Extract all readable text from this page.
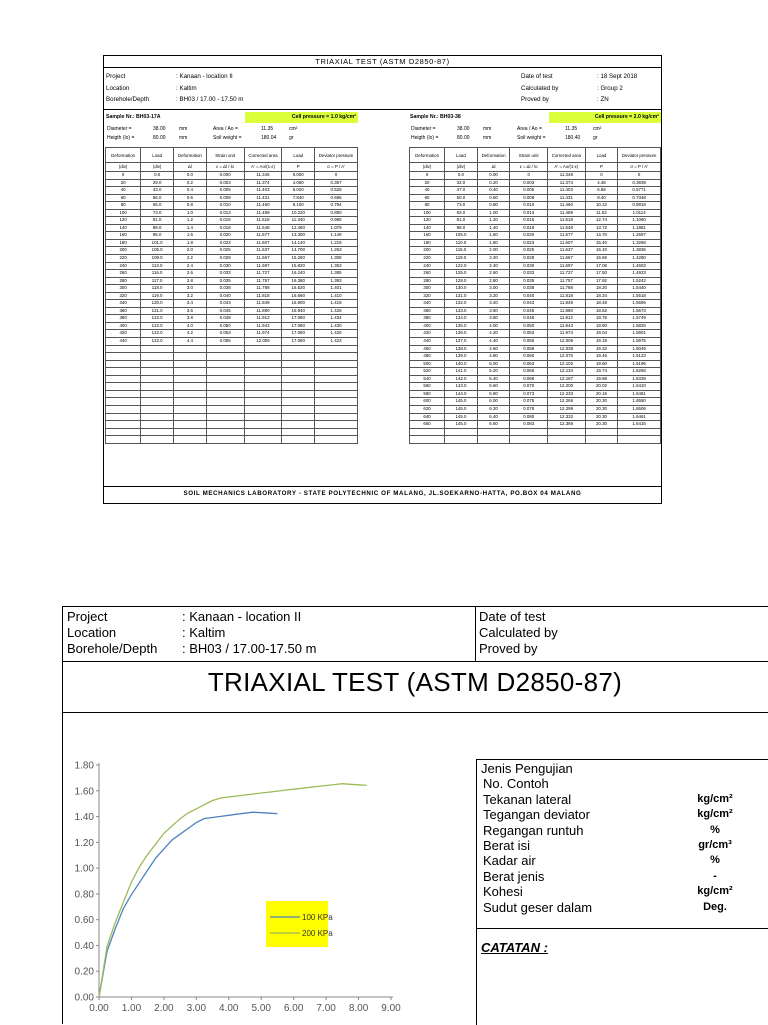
TRIAXIAL TEST (ASTM D2850-87)
Project	: Kanaan - location II
Location	: Kaltim
Borehole/Depth	: BH03 / 17.00 - 17.50 m
Date of test	: 18 Sept 2018
Calculated by	: Group 2
Proved by	: ZN
Sample Nr.: BH03-17A	Cell pressure = 1.0 kg/cm²
Diameter =	38.00	mm	Area / Ao =	11.35	cm²
Heigth (lo) =	80.00	mm	Soil weight =	180.04	gr
Deformation	Load	Deformation	Strain unit	Corrected area	Load	Deviator pressure
(div)	(div)	Δl	ε = Δl / lo	A' = Ao/(1-ε)	P	σ = P / A'
0	0.0	0.0	0.000	11.346	0.000	0
20	29.0	0.2	0.003	11.374	4.060	0.357
40	43.0	0.4	0.005	11.403	6.020	0.528
60	56.0	0.6	0.008	11.431	7.840	0.686
80	65.0	0.8	0.010	11.460	9.100	0.794
100	73.0	1.0	0.013	11.489	10.220	0.890
120	81.0	1.2	0.015	11.518	11.340	0.985
140	89.0	1.4	0.018	11.548	12.460	1.079
160	95.0	1.6	0.020	11.577	13.300	1.149
180	101.0	1.8	0.023	11.607	14.140	1.218
200	105.0	2.0	0.025	11.637	14.700	1.263
220	109.0	2.2	0.028	11.667	15.260	1.308
240	113.0	2.4	0.030	11.697	15.820	1.353
260	116.0	2.6	0.033	11.727	16.240	1.385
280	117.0	2.8	0.035	11.757	16.380	1.393
300	118.0	3.0	0.038	11.788	16.520	1.401
320	119.0	3.2	0.040	11.818	16.660	1.410
340	120.0	3.4	0.043	11.849	16.800	1.418
360	121.0	3.6	0.045	11.880	16.940	1.426
380	122.0	3.8	0.048	11.912	17.080	1.434
400	122.0	4.0	0.050	11.943	17.080	1.430
420	122.0	4.2	0.053	11.974	17.080	1.426
440	122.0	4.4	0.055	12.006	17.080	1.423

Sample Nr.: BH03-38	Cell pressure = 2.0 kg/cm²
Diameter =	38.00	mm	Area / Ao =	11.35	cm²
Heigth (lo) =	80.00	mm	Soil weight =	180.40	gr
Deformation	Load	Deformation	Strain unit	Corrected area	Load	Deviator pressure
(div)	(div)	Δl	ε = Δl / lo	A' = Ao/(1-ε)	P	σ = P / A'
0	0.0	0.00	0	11.348	0	0
20	32.0	0.20	0.003	11.374	4.48	0.3939
40	47.0	0.40	0.005	11.403	6.58	0.5771
60	60.0	0.60	0.008	11.431	8.40	0.7348
80	73.0	0.80	0.010	11.460	10.22	0.8918
100	83.0	1.00	0.013	11.489	11.62	1.0114
120	91.0	1.20	0.015	11.518	12.74	1.1060
140	98.0	1.40	0.018	11.548	13.72	1.1881
160	105.0	1.60	0.020	11.577	14.70	1.2697
180	110.0	1.80	0.023	11.607	15.40	1.3268
200	115.0	2.00	0.025	11.637	16.10	1.3836
220	119.0	2.20	0.028	11.667	16.66	1.4280
240	122.0	2.40	0.030	11.697	17.08	1.4603
260	125.0	2.60	0.033	11.727	17.50	1.4923
280	128.0	2.80	0.035	11.757	17.92	1.5242
300	130.0	3.00	0.038	11.788	18.20	1.5440
320	131.0	3.20	0.040	11.818	18.34	1.5518
340	132.0	3.40	0.043	11.849	18.48	1.5596
360	133.0	3.60	0.045	11.880	18.62	1.5673
380	134.0	3.80	0.048	11.912	18.76	1.5749
400	135.0	4.00	0.050	11.943	18.90	1.5825
420	136.0	4.20	0.053	11.974	19.04	1.5901
440	137.0	4.40	0.055	12.006	19.18	1.5975
460	138.0	4.60	0.058	12.038	19.32	1.6049
480	139.0	4.80	0.060	12.070	19.46	1.6123
500	140.0	5.00	0.063	12.102	19.60	1.6196
520	141.0	5.20	0.065	12.134	19.74	1.6268
540	142.0	5.40	0.068	12.167	19.88	1.6339
560	143.0	5.60	0.070	12.200	20.02	1.6410
580	144.0	5.80	0.073	12.233	20.16	1.6481
600	145.0	6.00	0.075	12.266	20.30	1.6550
620	145.0	6.20	0.078	12.299	20.30	1.6506
640	145.0	6.40	0.080	12.332	20.30	1.6461
660	145.0	6.60	0.083	12.366	20.30	1.6416

SOIL MECHANICS LABORATORY - STATE POLYTECHNIC OF MALANG, JL.SOEKARNO-HATTA, PO.BOX 04 MALANG
Project	: Kanaan - location II
Location	: Kaltim
Borehole/Depth : BH03 / 17.00-17.50 m
Date of test
Calculated by
Proved by
TRIAXIAL TEST (ASTM D2850-87)
0.00
0.20
0.40
0.60
0.80
1.00
1.20
1.40
1.60
1.80
0.00 1.00 2.00 3.00 4.00 5.00 6.00 7.00 8.00 9.00
100 KPa
200 KPa
Jenis Pengujian
No. Contoh
Tekanan lateral	kg/cm²
Tegangan deviator	kg/cm²
Regangan runtuh	%
Berat isi	gr/cm³
Kadar air	%
Berat jenis	-
Kohesi	kg/cm²
Sudut geser dalam	Deg.
CATATAN :
